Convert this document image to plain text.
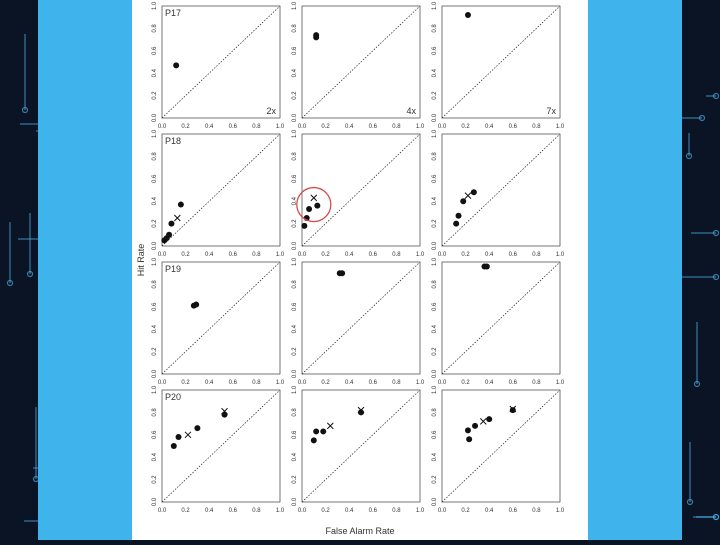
0.0
0.0
0.2
0.2
0.4
0.4
0.6
0.6
0.8
0.8
1.0
1.0
P17
2x
0.0
0.0
0.2
0.2
0.4
0.4
0.6
0.6
0.8
0.8
1.0
1.0
4x
0.0
0.0
0.2
0.2
0.4
0.4
0.6
0.6
0.8
0.8
1.0
1.0
7x
0.0
0.0
0.2
0.2
0.4
0.4
0.6
0.6
0.8
0.8
1.0
1.0
P18
0.0
0.0
0.2
0.2
0.4
0.4
0.6
0.6
0.8
0.8
1.0
1.0
0.0
0.0
0.2
0.2
0.4
0.4
0.6
0.6
0.8
0.8
1.0
1.0
0.0
0.0
0.2
0.2
0.4
0.4
0.6
0.6
0.8
0.8
1.0
1.0
P19
0.0
0.0
0.2
0.2
0.4
0.4
0.6
0.6
0.8
0.8
1.0
1.0
0.0
0.0
0.2
0.2
0.4
0.4
0.6
0.6
0.8
0.8
1.0
1.0
0.0
0.0
0.2
0.2
0.4
0.4
0.6
0.6
0.8
0.8
1.0
1.0
P20
0.0
0.0
0.2
0.2
0.4
0.4
0.6
0.6
0.8
0.8
1.0
1.0
0.0
0.0
0.2
0.2
0.4
0.4
0.6
0.6
0.8
0.8
1.0
1.0
False Alarm Rate
Hit Rate
